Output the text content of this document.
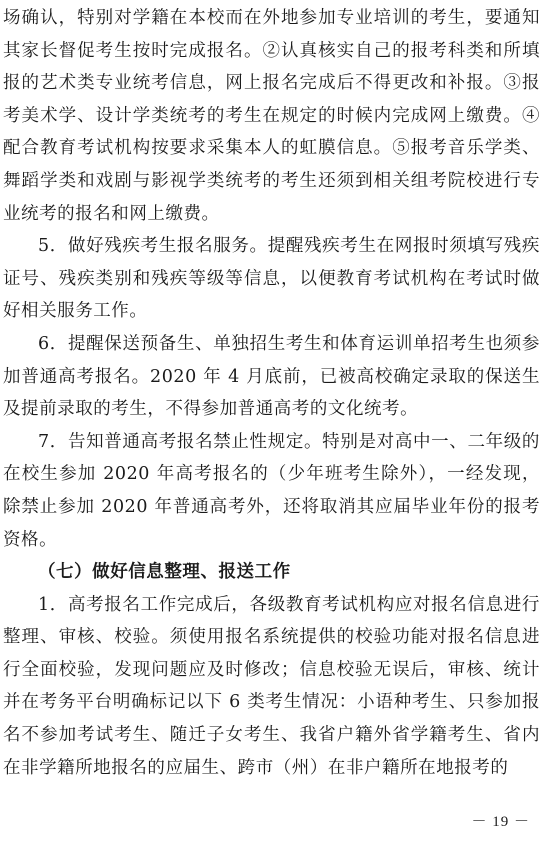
场确认，特别对学籍在本校而在外地参加专业培训的考生，要通知其家长督促考生按时完成报名。②认真核实自己的报考科类和所填报的艺术类专业统考信息，网上报名完成后不得更改和补报。③报考美术学、设计学类统考的考生在规定的时候内完成网上缴费。④配合教育考试机构按要求采集本人的虹膜信息。⑤报考音乐学类、舞蹈学类和戏剧与影视学类统考的考生还须到相关组考院校进行专业统考的报名和网上缴费。

5．做好残疾考生报名服务。提醒残疾考生在网报时须填写残疾证号、残疾类别和残疾等级等信息，以便教育考试机构在考试时做好相关服务工作。

6．提醒保送预备生、单独招生考生和体育运训单招考生也须参加普通高考报名。2020 年 4 月底前，已被高校确定录取的保送生及提前录取的考生，不得参加普通高考的文化统考。

7．告知普通高考报名禁止性规定。特别是对高中一、二年级的在校生参加 2020 年高考报名的（少年班考生除外），一经发现，除禁止参加 2020 年普通高考外，还将取消其应届毕业年份的报考资格。

（七）做好信息整理、报送工作

1．高考报名工作完成后，各级教育考试机构应对报名信息进行整理、审核、校验。须使用报名系统提供的校验功能对报名信息进行全面校验，发现问题应及时修改；信息校验无误后，审核、统计并在考务平台明确标记以下 6 类考生情况：小语种考生、只参加报名不参加考试考生、随迁子女考生、我省户籍外省学籍考生、省内在非学籍所地报名的应届生、跨市（州）在非户籍所在地报考的

－ 19 －
